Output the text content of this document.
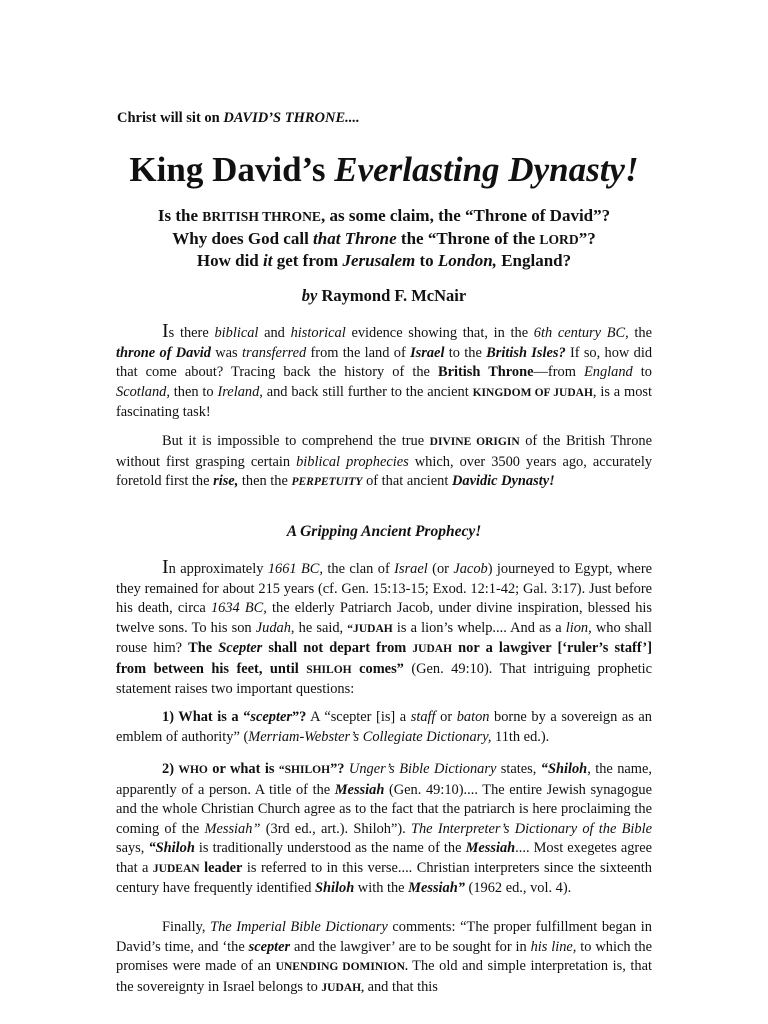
Christ will sit on DAVID’S THRONE....
King David’s Everlasting Dynasty!
Is the BRITISH THRONE, as some claim, the “Throne of David”?
Why does God call that Throne the “Throne of the LORD”?
How did it get from Jerusalem to London, England?
by Raymond F. McNair
Is there biblical and historical evidence showing that, in the 6th century BC, the throne of David was transferred from the land of Israel to the British Isles? If so, how did that come about? Tracing back the history of the British Throne—from England to Scotland, then to Ireland, and back still further to the ancient KINGDOM OF JUDAH, is a most fascinating task!
But it is impossible to comprehend the true DIVINE ORIGIN of the British Throne without first grasping certain biblical prophecies which, over 3500 years ago, accurately foretold first the rise, then the PERPETUITY of that ancient Davidic Dynasty!
A Gripping Ancient Prophecy!
In approximately 1661 BC, the clan of Israel (or Jacob) journeyed to Egypt, where they remained for about 215 years (cf. Gen. 15:13-15; Exod. 12:1-42; Gal. 3:17). Just before his death, circa 1634 BC, the elderly Patriarch Jacob, under divine inspiration, blessed his twelve sons. To his son Judah, he said, “JUDAH is a lion’s whelp.... And as a lion, who shall rouse him? The Scepter shall not depart from JUDAH nor a lawgiver [‘ruler’s staff’] from between his feet, until SHILOH comes” (Gen. 49:10). That intriguing prophetic statement raises two important questions:
1) What is a “scepter”? A “scepter [is] a staff or baton borne by a sovereign as an emblem of authority” (Merriam-Webster’s Collegiate Dictionary, 11th ed.).
2) WHO or what is “SHILOH”? Unger’s Bible Dictionary states, “Shiloh, the name, apparently of a person. A title of the Messiah (Gen. 49:10).... The entire Jewish synagogue and the whole Christian Church agree as to the fact that the patriarch is here proclaiming the coming of the Messiah” (3rd ed., art.). Shiloh”). The Interpreter’s Dictionary of the Bible says, “Shiloh is traditionally understood as the name of the Messiah.... Most exegetes agree that a JUDEAN leader is referred to in this verse.... Christian interpreters since the sixteenth century have frequently identified Shiloh with the Messiah” (1962 ed., vol. 4).
Finally, The Imperial Bible Dictionary comments: “The proper fulfillment began in David’s time, and ‘the scepter and the lawgiver’ are to be sought for in his line, to which the promises were made of an UNENDING DOMINION. The old and simple interpretation is, that the sovereignty in Israel belongs to JUDAH, and that this
